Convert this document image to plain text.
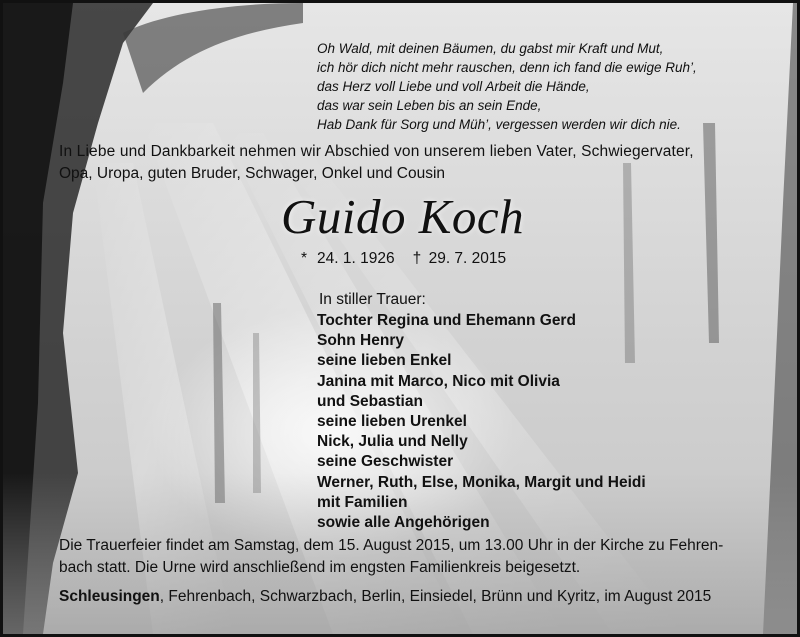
Oh Wald, mit deinen Bäumen, du gabst mir Kraft und Mut,
ich hör dich nicht mehr rauschen, denn ich fand die ewige Ruh’,
das Herz voll Liebe und voll Arbeit die Hände,
das war sein Leben bis an sein Ende,
Hab Dank für Sorg und Müh’, vergessen werden wir dich nie.
In Liebe und Dankbarkeit nehmen wir Abschied von unserem lieben Vater, Schwiegervater,
Opa, Uropa, guten Bruder, Schwager, Onkel und Cousin
Guido Koch
* 24. 1. 1926 † 29. 7. 2015
In stiller Trauer:
Tochter Regina und Ehemann Gerd
Sohn Henry
seine lieben Enkel
Janina mit Marco, Nico mit Olivia
und Sebastian
seine lieben Urenkel
Nick, Julia und Nelly
seine Geschwister
Werner, Ruth, Else, Monika, Margit und Heidi
mit Familien
sowie alle Angehörigen
Die Trauerfeier findet am Samstag, dem 15. August 2015, um 13.00 Uhr in der Kirche zu Fehren-
bach statt. Die Urne wird anschließend im engsten Familienkreis beigesetzt.
Schleusingen, Fehrenbach, Schwarzbach, Berlin, Einsiedel, Brünn und Kyritz, im August 2015
